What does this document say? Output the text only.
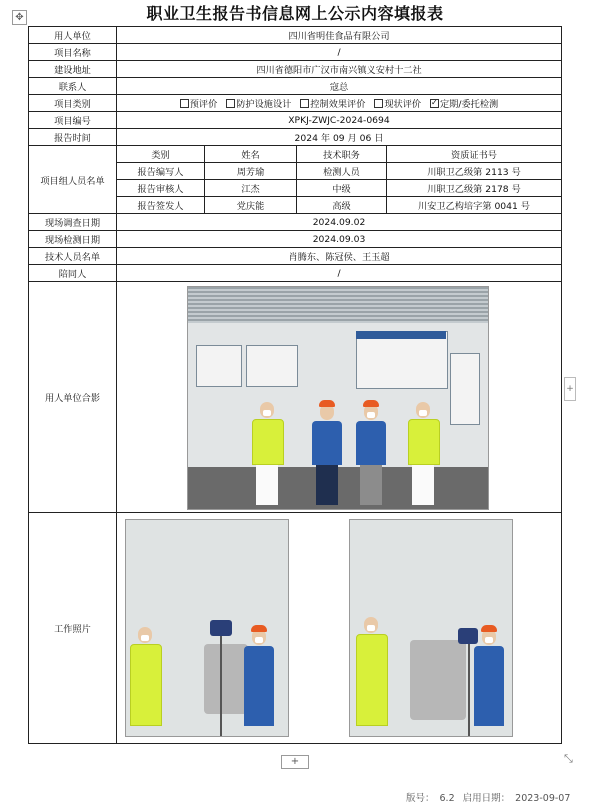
✥	职业卫生报告书信息网上公示内容填报表
用人单位	四川省明佳食品有限公司			
项目名称	/			
建设地址	四川省德阳市广汉市南兴镇义安村十二社			
联系人	寇总			
项目类别	预评价 防护设施设计 控制效果评价 现状评价 ✓ 定期/委托检测
项目编号	XPKJ-ZWJC-2024-0694			
报告时间	2024 年 09 月 06 日			
项目组人员名单	类别	姓名	技术职务	资质证书号
	报告编写人	周芳瑜	检测人员	川职卫乙级第 2113 号
	报告审核人	江杰	中级	川职卫乙级第 2178 号
	报告签发人	党庆能	高级	川安卫乙构培字第 0041 号
现场调查日期	2024.09.02			
现场检测日期	2024.09.03			
技术人员名单	肖腾东、陈冠侯、王玉超			
陪同人	/			
用人单位合影				

工作照片				
+
+	⤡
版号： 6.2 启用日期： 2023-09-07
